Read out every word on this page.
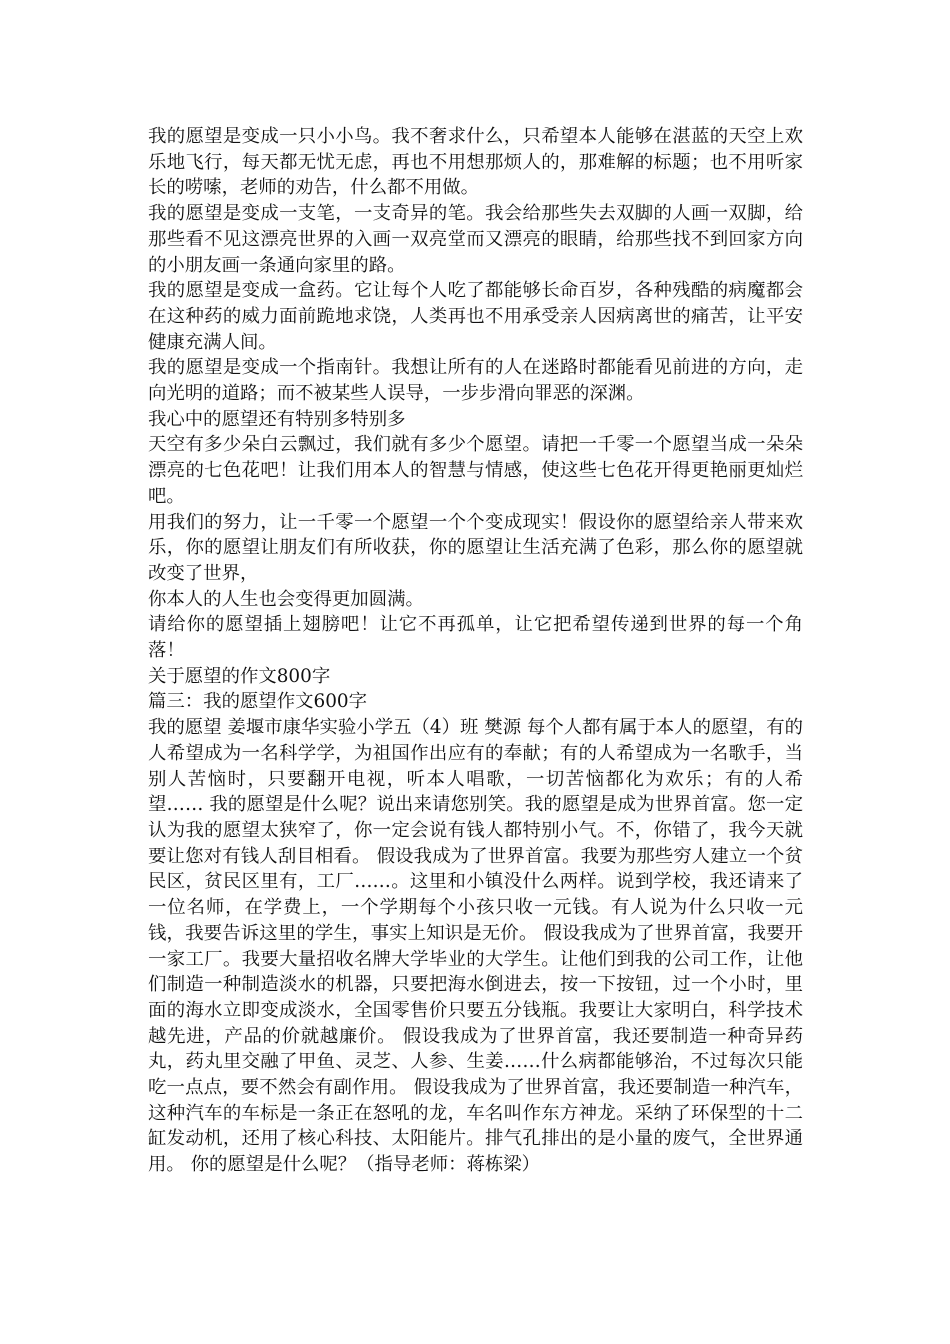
我的愿望是变成一只小小鸟。我不奢求什么，只希望本人能够在湛蓝的天空上欢乐地飞行，每天都无忧无虑，再也不用想那烦人的，那难解的标题；也不用听家长的唠嗦，老师的劝告，什么都不用做。

我的愿望是变成一支笔，一支奇异的笔。我会给那些失去双脚的人画一双脚，给那些看不见这漂亮世界的入画一双亮堂而又漂亮的眼睛，给那些找不到回家方向的小朋友画一条通向家里的路。

我的愿望是变成一盒药。它让每个人吃了都能够长命百岁，各种残酷的病魔都会在这种药的威力面前跪地求饶，人类再也不用承受亲人因病离世的痛苦，让平安健康充满人间。

我的愿望是变成一个指南针。我想让所有的人在迷路时都能看见前进的方向，走向光明的道路；而不被某些人误导，一步步滑向罪恶的深渊。

我心中的愿望还有特别多特别多

天空有多少朵白云飘过，我们就有多少个愿望。请把一千零一个愿望当成一朵朵漂亮的七色花吧！让我们用本人的智慧与情感，使这些七色花开得更艳丽更灿烂吧。

用我们的努力，让一千零一个愿望一个个变成现实！假设你的愿望给亲人带来欢乐，你的愿望让朋友们有所收获，你的愿望让生活充满了色彩，那么你的愿望就改变了世界，

你本人的人生也会变得更加圆满。

请给你的愿望插上翅膀吧！让它不再孤单，让它把希望传递到世界的每一个角落！

关于愿望的作文800字

篇三：我的愿望作文600字

我的愿望 姜堰市康华实验小学五（4）班 樊源 每个人都有属于本人的愿望，有的人希望成为一名科学学，为祖国作出应有的奉献；有的人希望成为一名歌手，当别人苦恼时，只要翻开电视，听本人唱歌，一切苦恼都化为欢乐；有的人希望…… 我的愿望是什么呢？说出来请您别笑。我的愿望是成为世界首富。您一定认为我的愿望太狭窄了，你一定会说有钱人都特别小气。不，你错了，我今天就要让您对有钱人刮目相看。 假设我成为了世界首富。我要为那些穷人建立一个贫民区，贫民区里有，工厂……。这里和小镇没什么两样。说到学校，我还请来了一位名师，在学费上，一个学期每个小孩只收一元钱。有人说为什么只收一元钱，我要告诉这里的学生，事实上知识是无价。 假设我成为了世界首富，我要开一家工厂。我要大量招收名牌大学毕业的大学生。让他们到我的公司工作，让他们制造一种制造淡水的机器，只要把海水倒进去，按一下按钮，过一个小时，里面的海水立即变成淡水，全国零售价只要五分钱瓶。我要让大家明白，科学技术越先进，产品的价就越廉价。 假设我成为了世界首富，我还要制造一种奇异药丸，药丸里交融了甲鱼、灵芝、人参、生姜……什么病都能够治，不过每次只能吃一点点，要不然会有副作用。 假设我成为了世界首富，我还要制造一种汽车，这种汽车的车标是一条正在怒吼的龙，车名叫作东方神龙。采纳了环保型的十二缸发动机，还用了核心科技、太阳能片。排气孔排出的是小量的废气，全世界通用。 你的愿望是什么呢？（指导老师：蒋栋梁）
